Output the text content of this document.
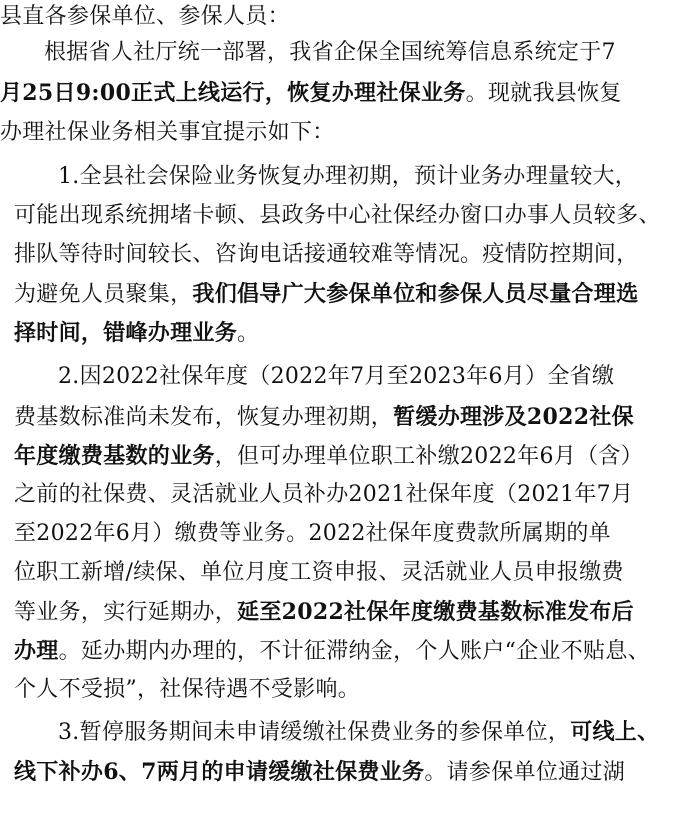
县直各参保单位、参保人员：
根据省人社厅统一部署，我省企保全国统筹信息系统定于7
月25日9:00正式上线运行，恢复办理社保业务。现就我县恢复
办理社保业务相关事宜提示如下：
1.全县社会保险业务恢复办理初期，预计业务办理量较大，
可能出现系统拥堵卡顿、县政务中心社保经办窗口办事人员较多、
排队等待时间较长、咨询电话接通较难等情况。疫情防控期间，
为避免人员聚集，我们倡导广大参保单位和参保人员尽量合理选
择时间，错峰办理业务。
2.因2022社保年度（2022年7月至2023年6月）全省缴
费基数标准尚未发布，恢复办理初期，暂缓办理涉及2022社保
年度缴费基数的业务，但可办理单位职工补缴2022年6月（含）
之前的社保费、灵活就业人员补办2021社保年度（2021年7月
至2022年6月）缴费等业务。2022社保年度费款所属期的单
位职工新增/续保、单位月度工资申报、灵活就业人员申报缴费
等业务，实行延期办，延至2022社保年度缴费基数标准发布后
办理。延办期内办理的，不计征滞纳金，个人账户“企业不贴息、
个人不受损”，社保待遇不受影响。
3.暂停服务期间未申请缓缴社保费业务的参保单位，可线上、
线下补办6、7两月的申请缓缴社保费业务。请参保单位通过湖
